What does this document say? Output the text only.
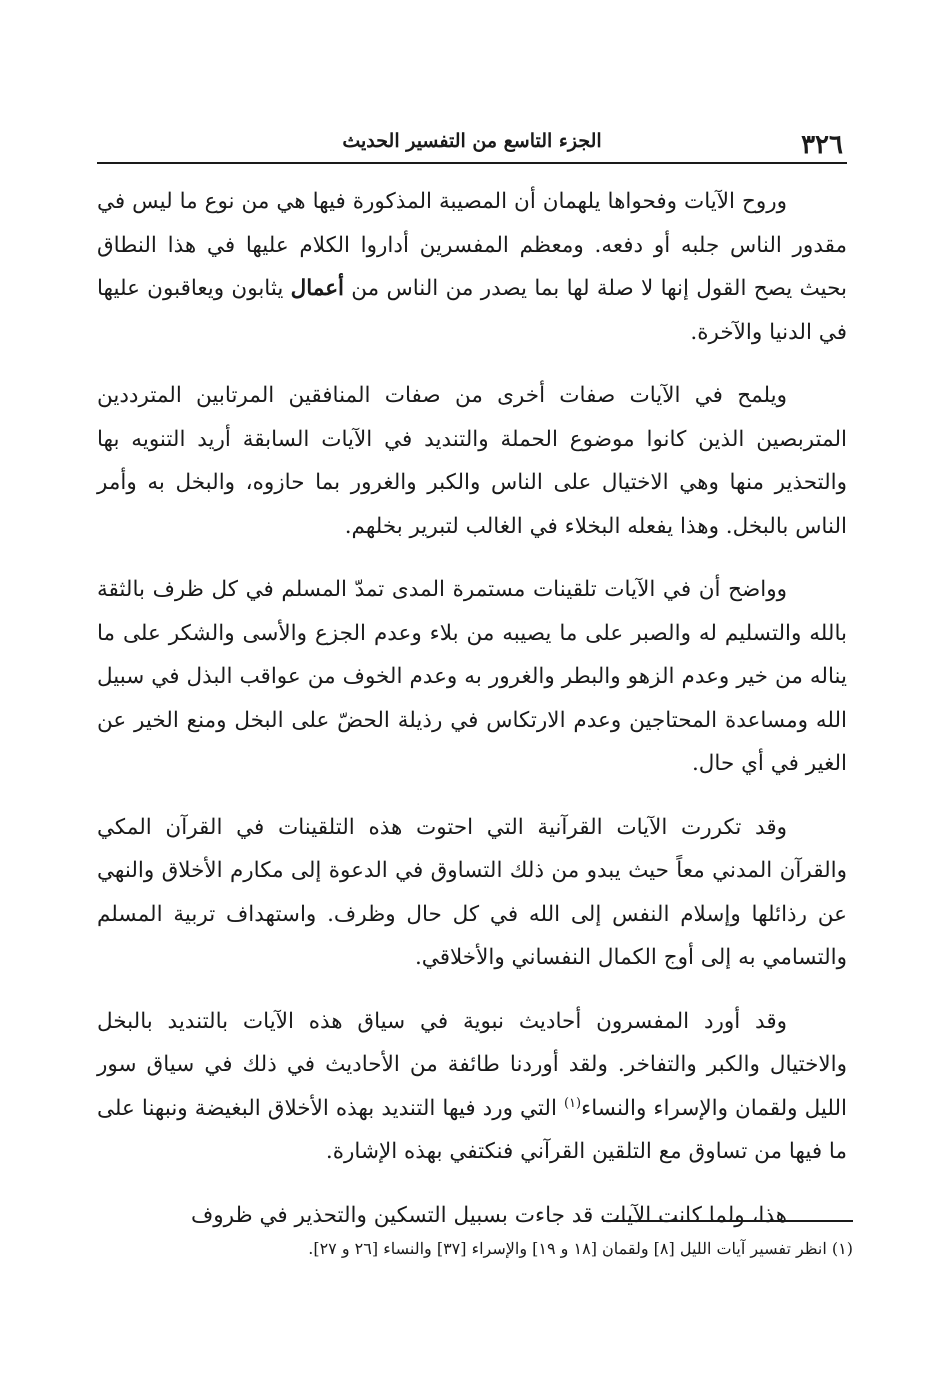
٣٢٦
الجزء التاسع من التفسير الحديث

وروح الآيات وفحواها يلهمان أن المصيبة المذكورة فيها هي من نوع ما ليس في مقدور الناس جلبه أو دفعه. ومعظم المفسرين أداروا الكلام عليها في هذا النطاق بحيث يصح القول إنها لا صلة لها بما يصدر من الناس من أعمال يثابون ويعاقبون عليها في الدنيا والآخرة.

ويلمح في الآيات صفات أخرى من صفات المنافقين المرتابين المترددين المتربصين الذين كانوا موضوع الحملة والتنديد في الآيات السابقة أريد التنويه بها والتحذير منها وهي الاختيال على الناس والكبر والغرور بما حازوه، والبخل به وأمر الناس بالبخل. وهذا يفعله البخلاء في الغالب لتبرير بخلهم.

وواضح أن في الآيات تلقينات مستمرة المدى تمدّ المسلم في كل ظرف بالثقة بالله والتسليم له والصبر على ما يصيبه من بلاء وعدم الجزع والأسى والشكر على ما يناله من خير وعدم الزهو والبطر والغرور به وعدم الخوف من عواقب البذل في سبيل الله ومساعدة المحتاجين وعدم الارتكاس في رذيلة الحضّ على البخل ومنع الخير عن الغير في أي حال.

وقد تكررت الآيات القرآنية التي احتوت هذه التلقينات في القرآن المكي والقرآن المدني معاً حيث يبدو من ذلك التساوق في الدعوة إلى مكارم الأخلاق والنهي عن رذائلها وإسلام النفس إلى الله في كل حال وظرف. واستهداف تربية المسلم والتسامي به إلى أوج الكمال النفساني والأخلاقي.

وقد أورد المفسرون أحاديث نبوية في سياق هذه الآيات بالتنديد بالبخل والاختيال والكبر والتفاخر. ولقد أوردنا طائفة من الأحاديث في ذلك في سياق سور الليل ولقمان والإسراء والنساء$^{(١)}$ التي ورد فيها التنديد بهذه الأخلاق البغيضة ونبهنا على ما فيها من تساوق مع التلقين القرآني فنكتفي بهذه الإشارة.

هذا، ولما كانت الآيات قد جاءت بسبيل التسكين والتحذير في ظروف

(١) انظر تفسير آيات الليل [٨] ولقمان [١٨ و ١٩] والإسراء [٣٧] والنساء [٢٦ و ٢٧].
